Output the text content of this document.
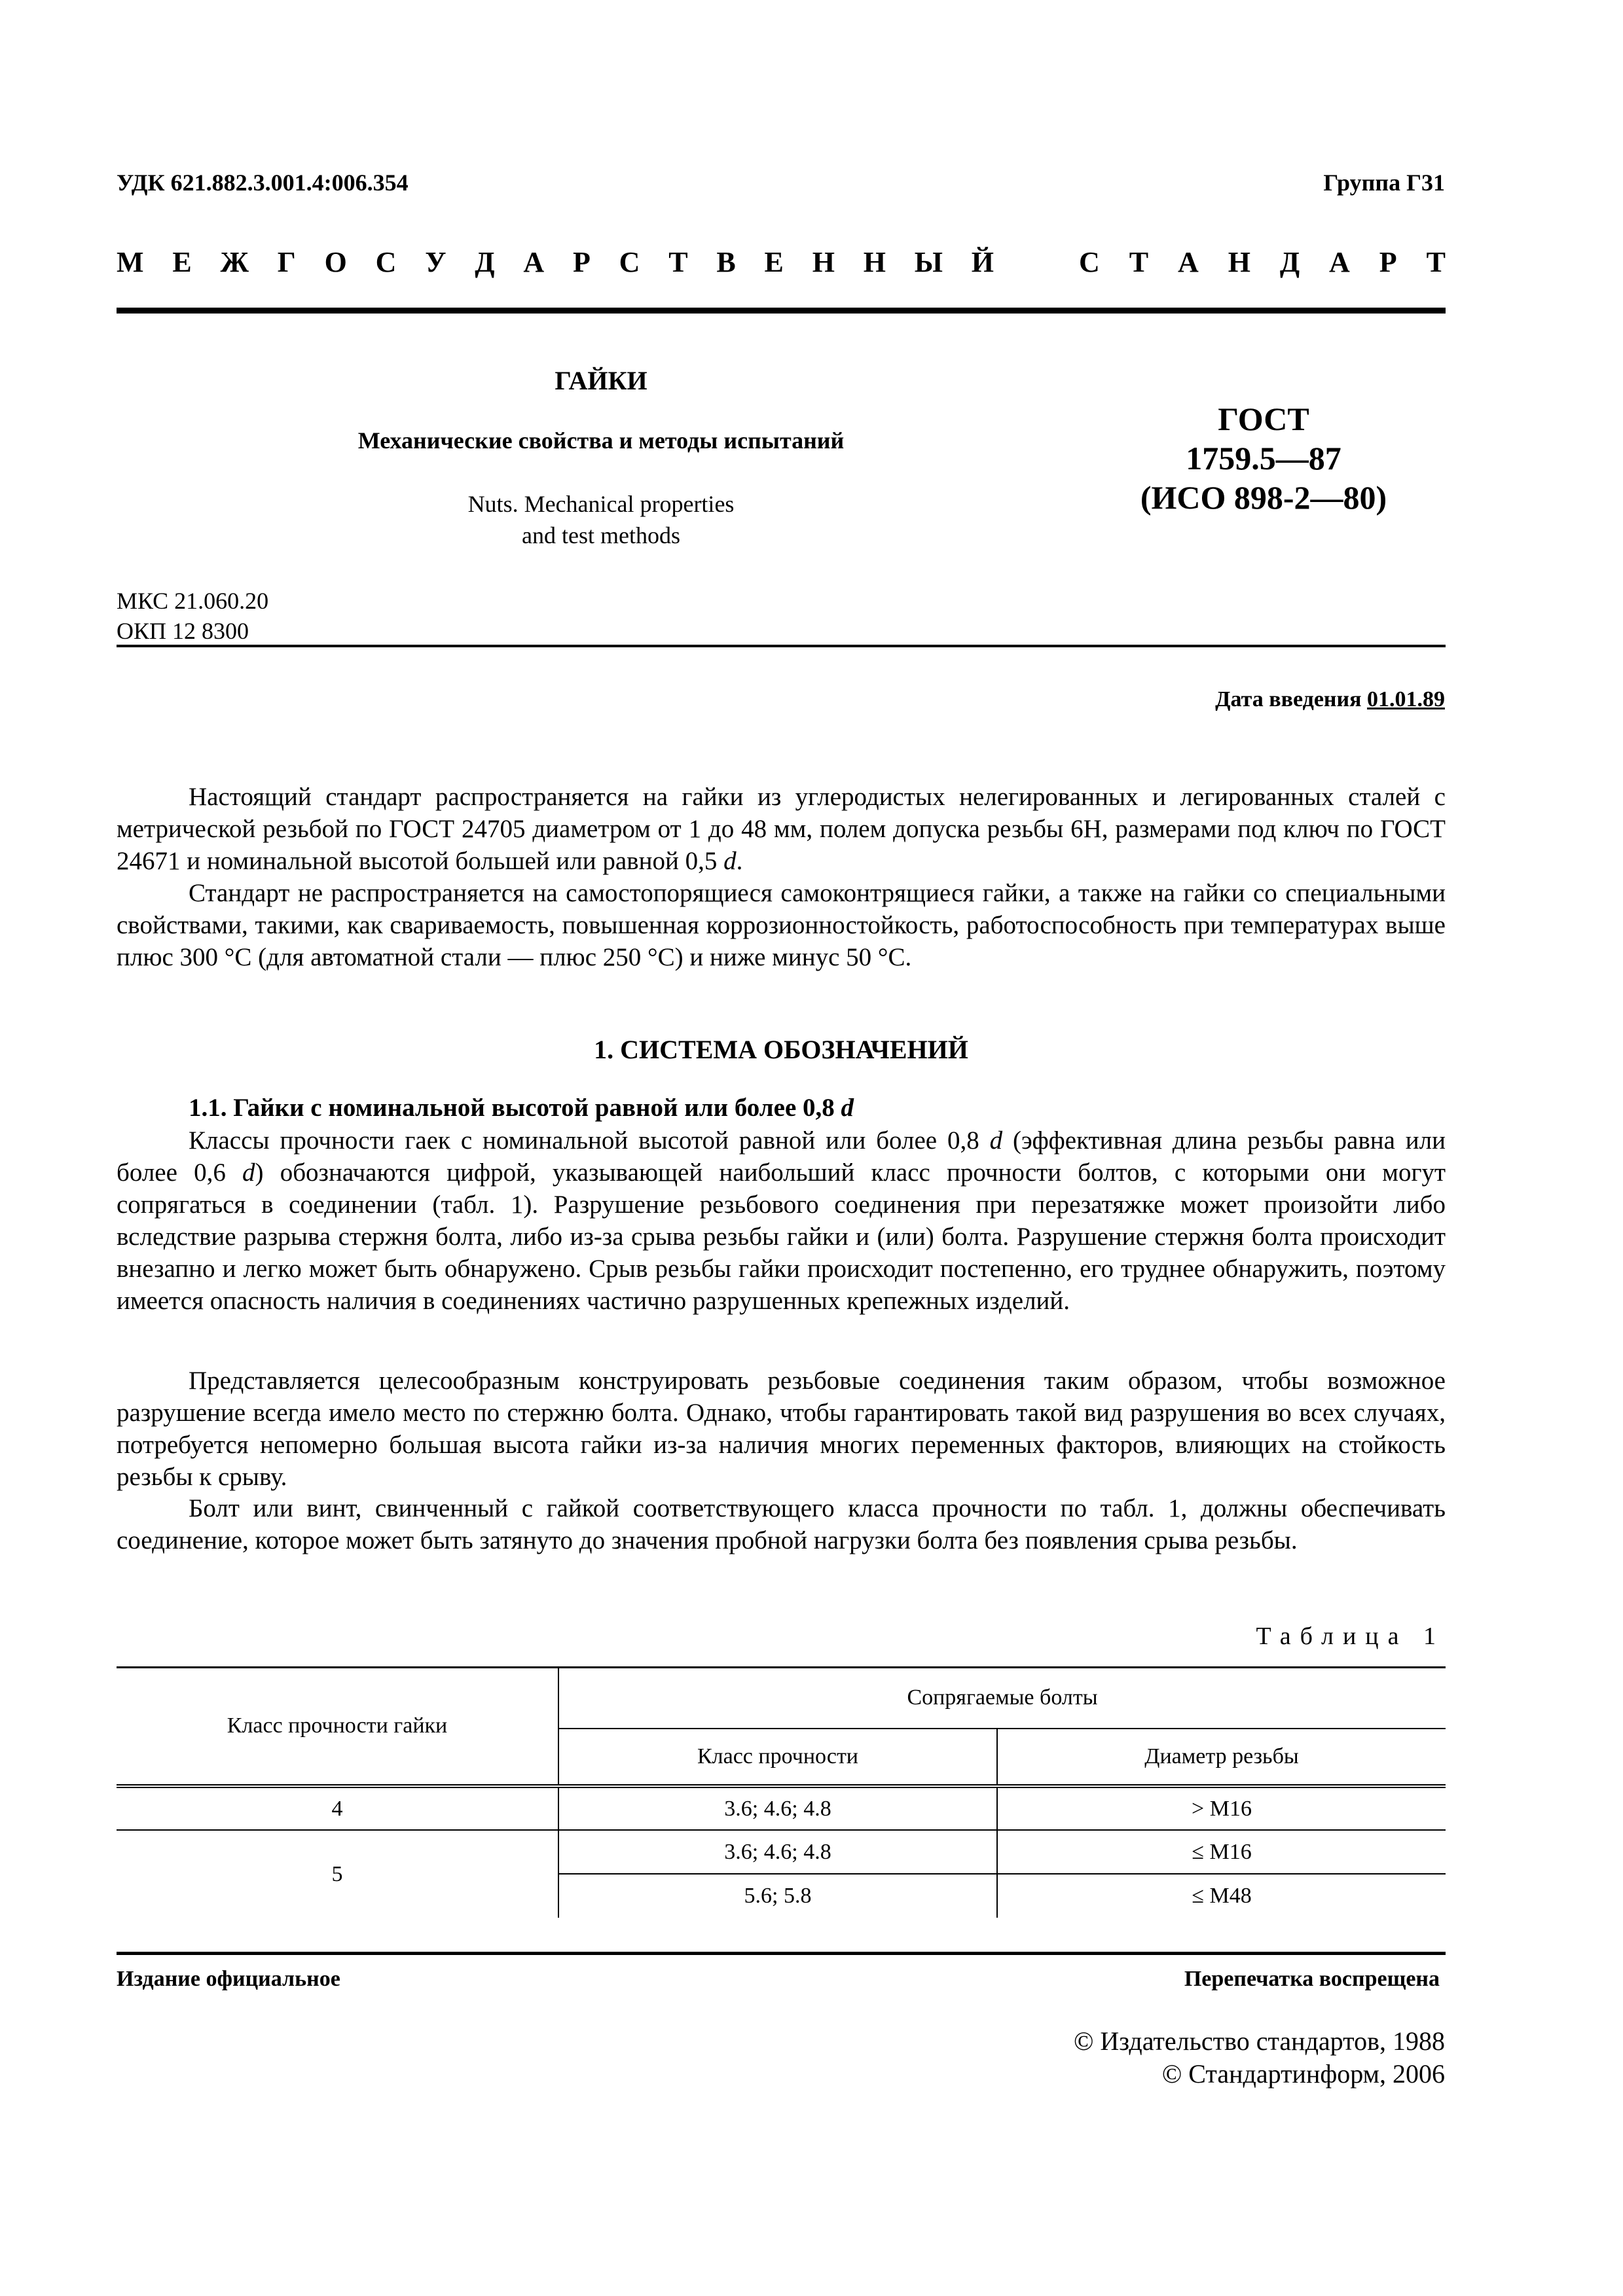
УДК 621.882.3.001.4:006.354	Группа Г31
М Е Ж Г О С У Д А Р С Т В Е Н Н Ы Й	С Т А Н Д А Р Т
ГАЙКИ
Механические свойства и методы испытаний
Nuts. Mechanical properties
and test methods
ГОСТ
1759.5—87
(ИСО 898-2—80)
МКС 21.060.20
ОКП 12 8300
Дата введения 01.01.89
Настоящий стандарт распространяется на гайки из углеродистых нелегированных и легированных сталей с метрической резьбой по ГОСТ 24705 диаметром от 1 до 48 мм, полем допуска резьбы 6Н, размерами под ключ по ГОСТ 24671 и номинальной высотой большей или равной 0,5 d.
Стандарт не распространяется на самостопорящиеся самоконтрящиеся гайки, а также на гайки со специальными свойствами, такими, как свариваемость, повышенная коррозионностойкость, работоспособность при температурах выше плюс 300 °С (для автоматной стали — плюс 250 °С) и ниже минус 50 °С.
1. СИСТЕМА ОБОЗНАЧЕНИЙ
1.1. Гайки с номинальной высотой равной или более 0,8 d
Классы прочности гаек с номинальной высотой равной или более 0,8 d (эффективная длина резьбы равна или более 0,6 d) обозначаются цифрой, указывающей наибольший класс прочности болтов, с которыми они могут сопрягаться в соединении (табл. 1). Разрушение резьбового соединения при перезатяжке может произойти либо вследствие разрыва стержня болта, либо из-за срыва резьбы гайки и (или) болта. Разрушение стержня болта происходит внезапно и легко может быть обнаружено. Срыв резьбы гайки происходит постепенно, его труднее обнаружить, поэтому имеется опасность наличия в соединениях частично разрушенных крепежных изделий.
Представляется целесообразным конструировать резьбовые соединения таким образом, чтобы возможное разрушение всегда имело место по стержню болта. Однако, чтобы гарантировать такой вид разрушения во всех случаях, потребуется непомерно большая высота гайки из-за наличия многих переменных факторов, влияющих на стойкость резьбы к срыву.
Болт или винт, свинченный с гайкой соответствующего класса прочности по табл. 1, должны обеспечивать соединение, которое может быть затянуто до значения пробной нагрузки болта без появления срыва резьбы.
Таблица 1
Класс прочности гайки	Сопрягаемые болты	
	Класс прочности	Диаметр резьбы
4	3.6; 4.6; 4.8	> М16
5	3.6; 4.6; 4.8	≤ М16
	5.6; 5.8	≤ М48
Издание официальное	Перепечатка воспрещена
© Издательство стандартов, 1988
© Стандартинформ, 2006
